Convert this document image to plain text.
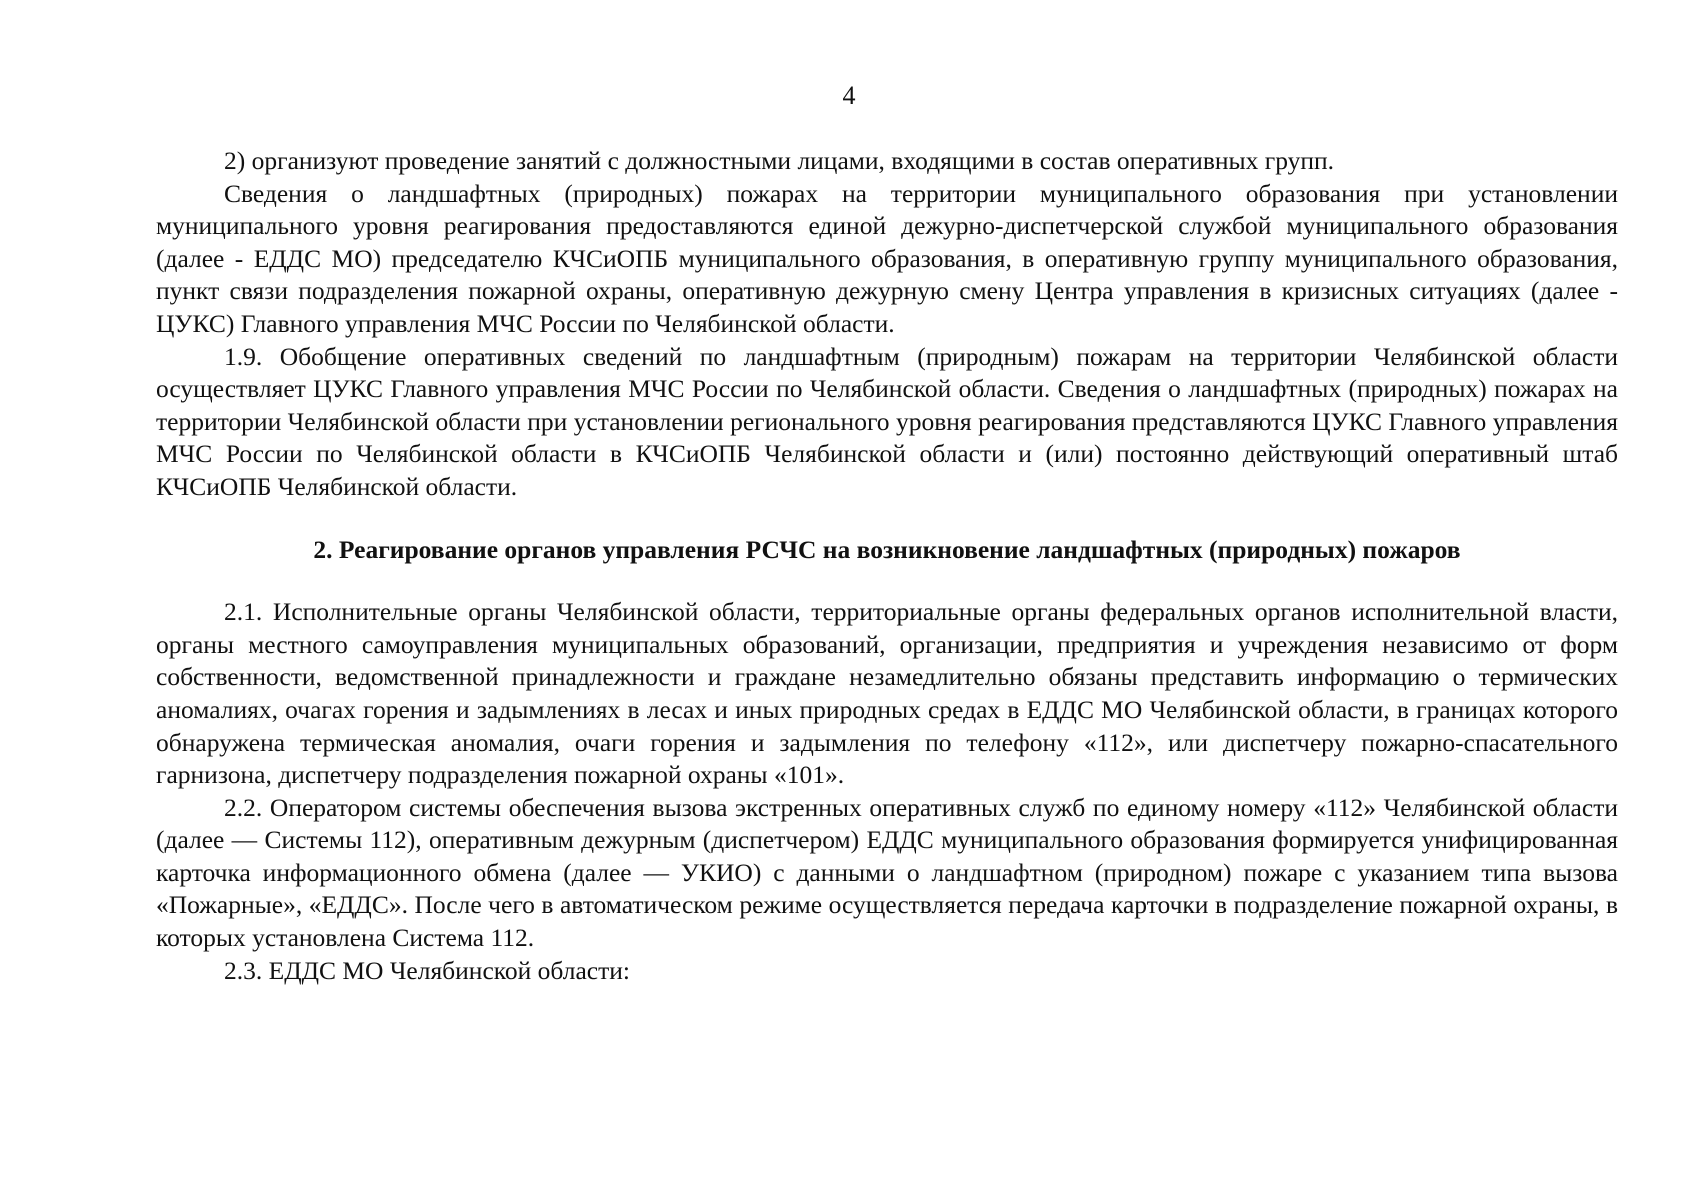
4

2) организуют проведение занятий с должностными лицами, входящими в состав оперативных групп.

Сведения о ландшафтных (природных) пожарах на территории муниципального образования при установлении муниципального уровня реагирования предоставляются единой дежурно-диспетчерской службой муниципального образования (далее - ЕДДС МО) председателю КЧСиОПБ муниципального образования, в оперативную группу муниципального образования, пункт связи подразделения пожарной охраны, оперативную дежурную смену Центра управления в кризисных ситуациях (далее - ЦУКС) Главного управления МЧС России по Челябинской области.

1.9. Обобщение оперативных сведений по ландшафтным (природным) пожарам на территории Челябинской области осуществляет ЦУКС Главного управления МЧС России по Челябинской области. Сведения о ландшафтных (природных) пожарах на территории Челябинской области при установлении регионального уровня реагирования представляются ЦУКС Главного управления МЧС России по Челябинской области в КЧСиОПБ Челябинской области и (или) постоянно действующий оперативный штаб КЧСиОПБ Челябинской области.

2. Реагирование органов управления РСЧС на возникновение ландшафтных (природных) пожаров

2.1. Исполнительные органы Челябинской области, территориальные органы федеральных органов исполнительной власти, органы местного самоуправления муниципальных образований, организации, предприятия и учреждения независимо от форм собственности, ведомственной принадлежности и граждане незамедлительно обязаны представить информацию о термических аномалиях, очагах горения и задымлениях в лесах и иных природных средах в ЕДДС МО Челябинской области, в границах которого обнаружена термическая аномалия, очаги горения и задымления по телефону «112», или диспетчеру пожарно-спасательного гарнизона, диспетчеру подразделения пожарной охраны «101».

2.2. Оператором системы обеспечения вызова экстренных оперативных служб по единому номеру «112» Челябинской области (далее — Системы 112), оперативным дежурным (диспетчером) ЕДДС муниципального образования формируется унифицированная карточка информационного обмена (далее — УКИО) с данными о ландшафтном (природном) пожаре с указанием типа вызова «Пожарные», «ЕДДС». После чего в автоматическом режиме осуществляется передача карточки в подразделение пожарной охраны, в которых установлена Система 112.

2.3. ЕДДС МО Челябинской области:
